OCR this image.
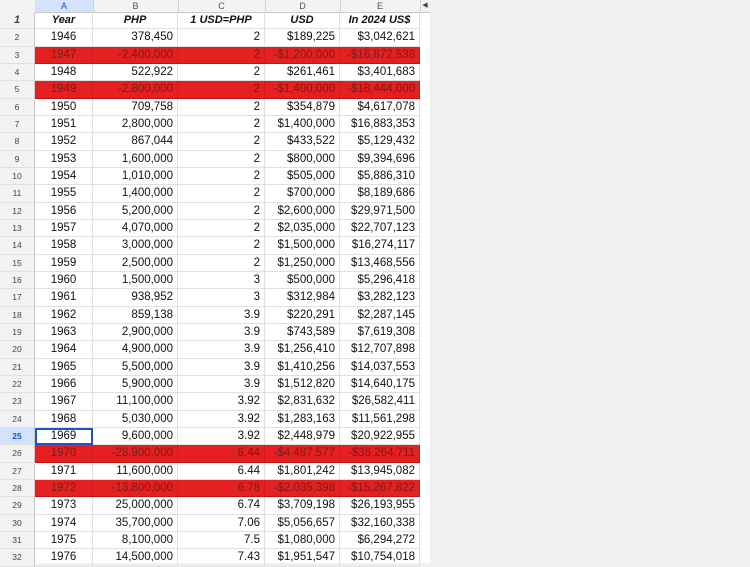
A	B	C	D	E	◀
1	Year	PHP	1 USD=PHP	USD	In 2024 US$
2	1946	378,450	2	$189,225	$3,042,621
3	1947	-2,400,000	2	-$1,200,000	-$16,872,538
4	1948	522,922	2	$261,461	$3,401,683
5	1949	-2,800,000	2	-$1,400,000	-$18,444,000
6	1950	709,758	2	$354,879	$4,617,078
7	1951	2,800,000	2	$1,400,000	$16,883,353
8	1952	867,044	2	$433,522	$5,129,432
9	1953	1,600,000	2	$800,000	$9,394,696
10	1954	1,010,000	2	$505,000	$5,886,310
11	1955	1,400,000	2	$700,000	$8,189,686
12	1956	5,200,000	2	$2,600,000	$29,971,500
13	1957	4,070,000	2	$2,035,000	$22,707,123
14	1958	3,000,000	2	$1,500,000	$16,274,117
15	1959	2,500,000	2	$1,250,000	$13,468,556
16	1960	1,500,000	3	$500,000	$5,296,418
17	1961	938,952	3	$312,984	$3,282,123
18	1962	859,138	3.9	$220,291	$2,287,145
19	1963	2,900,000	3.9	$743,589	$7,619,308
20	1964	4,900,000	3.9	$1,256,410	$12,707,898
21	1965	5,500,000	3.9	$1,410,256	$14,037,553
22	1966	5,900,000	3.9	$1,512,820	$14,640,175
23	1967	11,100,000	3.92	$2,831,632	$26,582,411
24	1968	5,030,000	3.92	$1,283,163	$11,561,298
25	1969	9,600,000	3.92	$2,448,979	$20,922,955
26	1970	-28,900,000	6.44	-$4,487,577	-$36,264,711
27	1971	11,600,000	6.44	$1,801,242	$13,945,082
28	1972	-13,800,000	6.78	-$2,035,398	-$15,267,822
29	1973	25,000,000	6.74	$3,709,198	$26,193,955
30	1974	35,700,000	7.06	$5,056,657	$32,160,338
31	1975	8,100,000	7.5	$1,080,000	$6,294,272
32	1976	14,500,000	7.43	$1,951,547	$10,754,018
